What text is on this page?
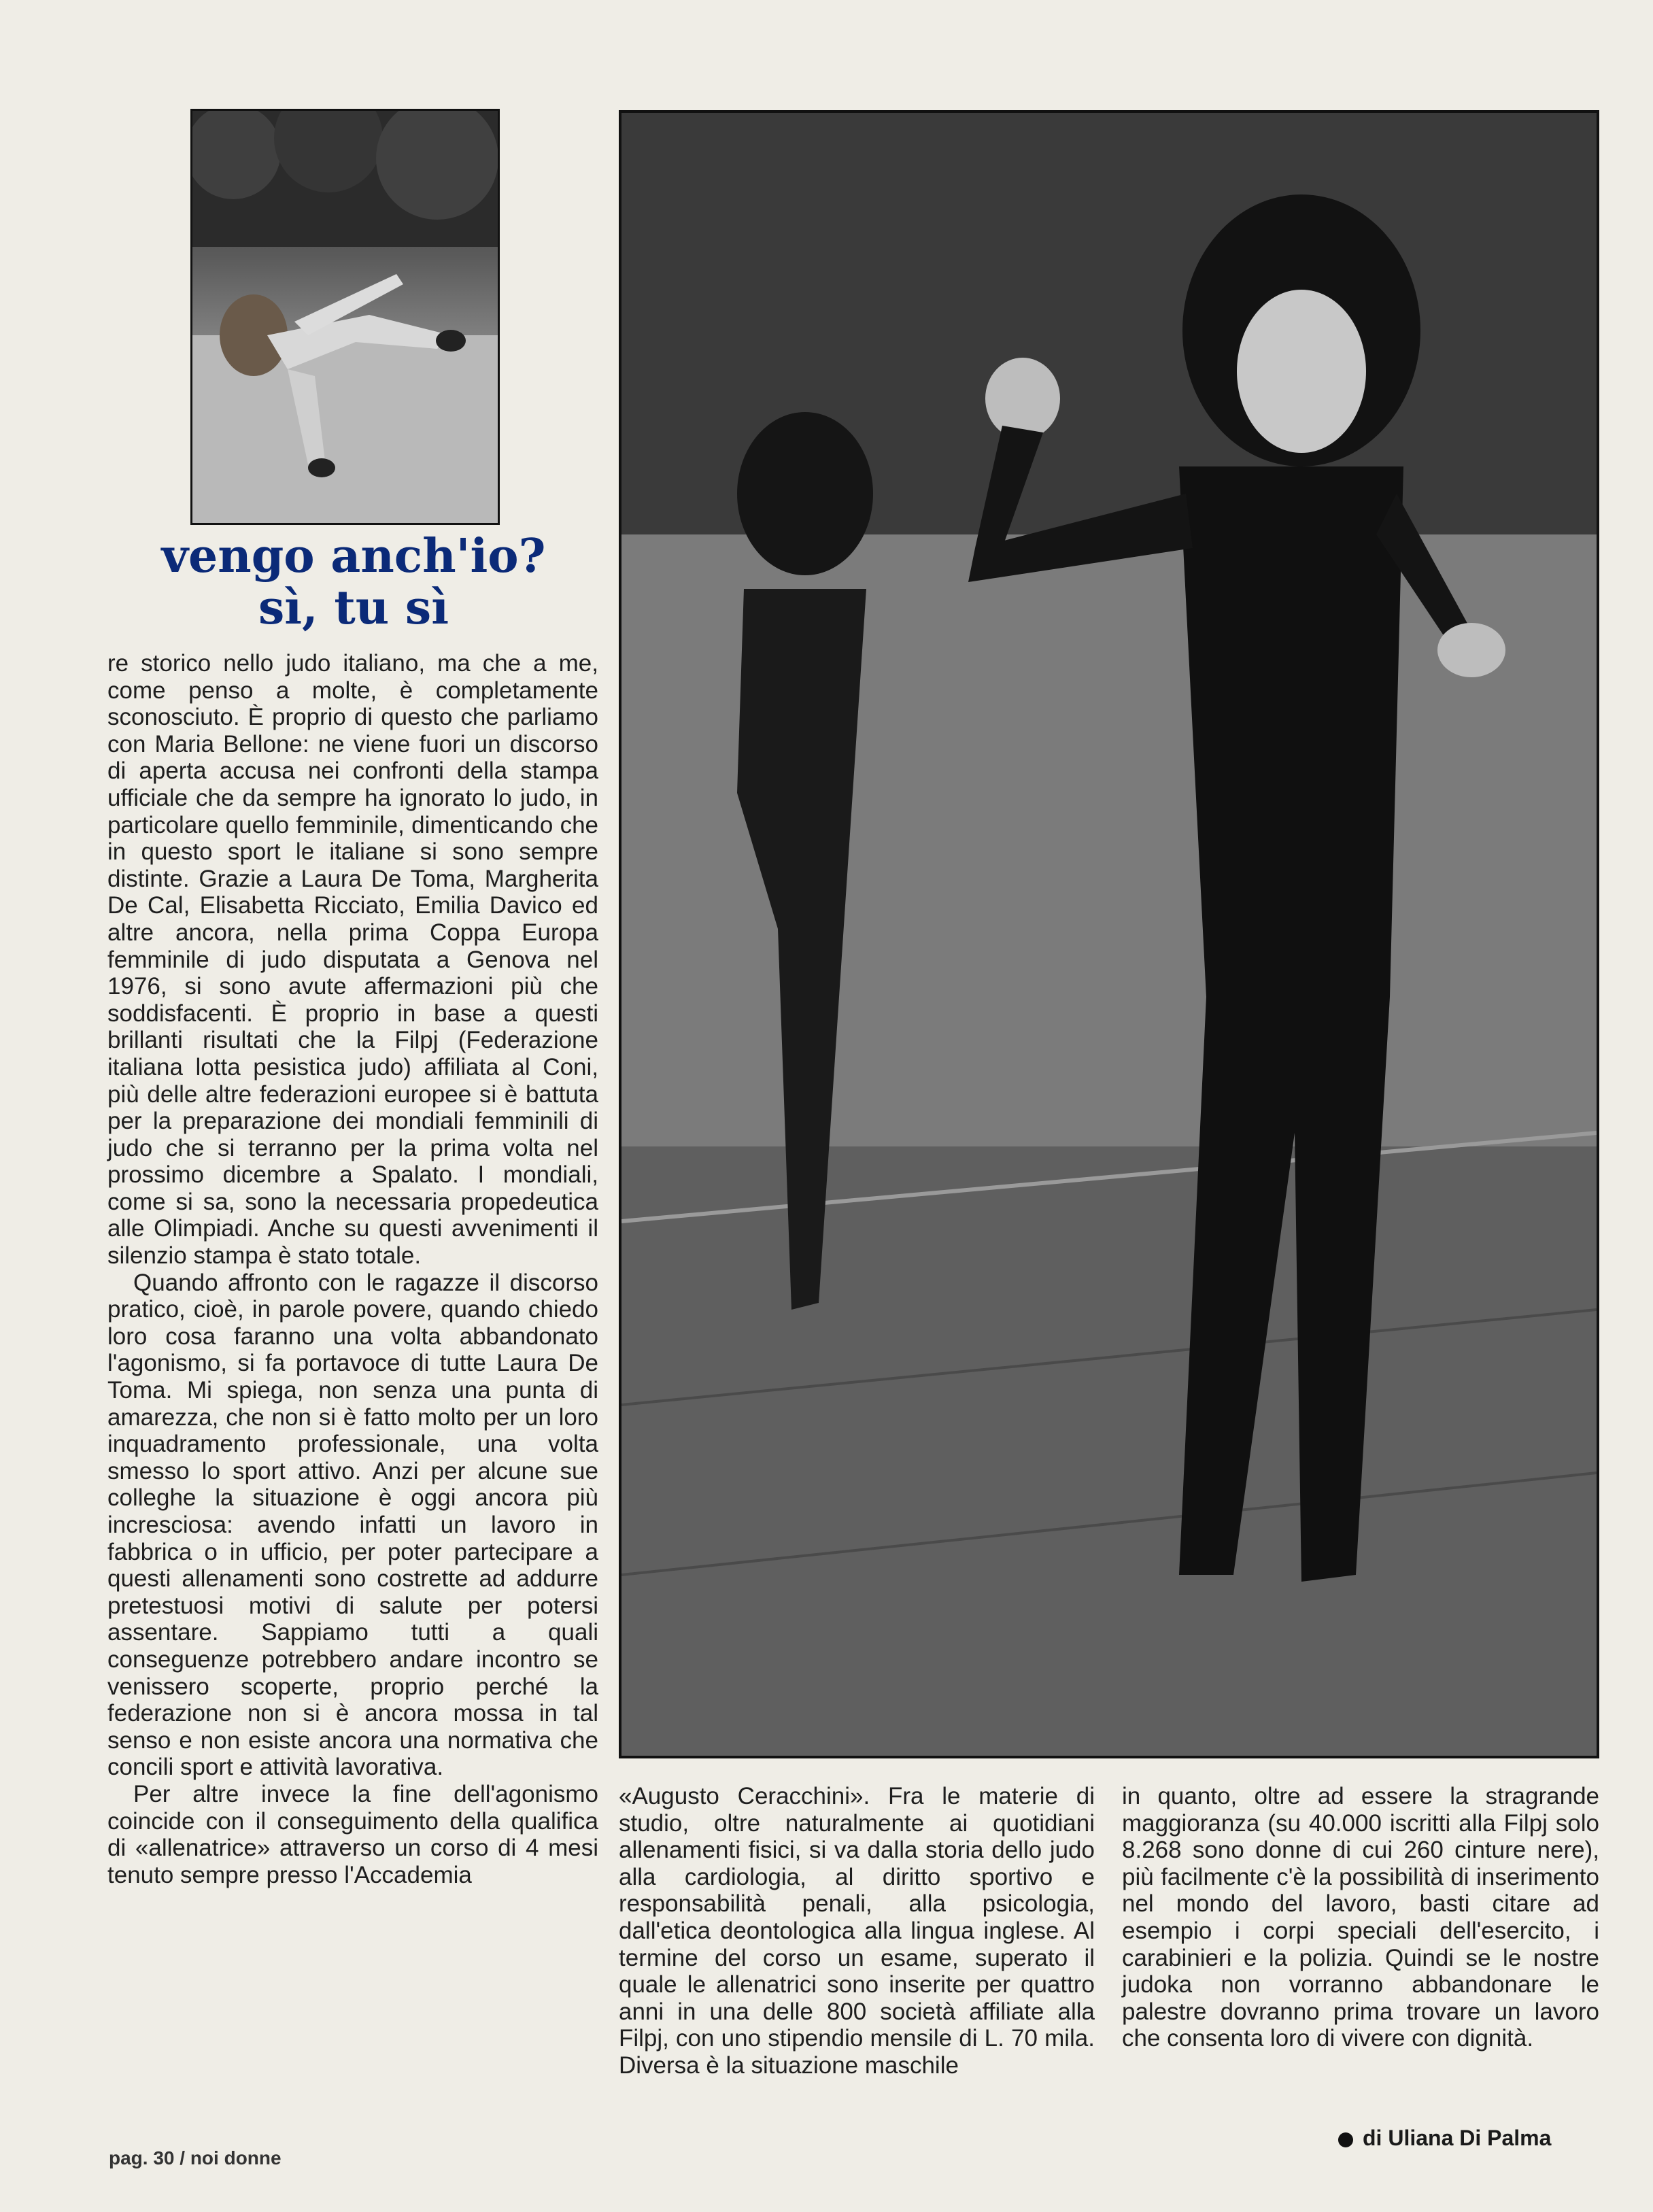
vengo anch'io?
sì, tu sì

re storico nello judo italiano, ma che a me, come penso a molte, è completamente sconosciuto. È proprio di questo che parliamo con Maria Bellone: ne viene fuori un discorso di aperta accusa nei confronti della stampa ufficiale che da sempre ha ignorato lo judo, in particolare quello femminile, dimenticando che in questo sport le italiane si sono sempre distinte. Grazie a Laura De Toma, Margherita De Cal, Elisabetta Ricciato, Emilia Davico ed altre ancora, nella prima Coppa Europa femminile di judo disputata a Genova nel 1976, si sono avute affermazioni più che soddisfacenti. È proprio in base a questi brillanti risultati che la Filpj (Federazione italiana lotta pesistica judo) affiliata al Coni, più delle altre federazioni europee si è battuta per la preparazione dei mondiali femminili di judo che si terranno per la prima volta nel prossimo dicembre a Spalato. I mondiali, come si sa, sono la necessaria propedeutica alle Olimpiadi. Anche su questi avvenimenti il silenzio stampa è stato totale.

Quando affronto con le ragazze il discorso pratico, cioè, in parole povere, quando chiedo loro cosa faranno una volta abbandonato l'agonismo, si fa portavoce di tutte Laura De Toma. Mi spiega, non senza una punta di amarezza, che non si è fatto molto per un loro inquadramento professionale, una volta smesso lo sport attivo. Anzi per alcune sue colleghe la situazione è oggi ancora più incresciosa: avendo infatti un lavoro in fabbrica o in ufficio, per poter partecipare a questi allenamenti sono costrette ad addurre pretestuosi motivi di salute per potersi assentare. Sappiamo tutti a quali conseguenze potrebbero andare incontro se venissero scoperte, proprio perché la federazione non si è ancora mossa in tal senso e non esiste ancora una normativa che concili sport e attività lavorativa.

Per altre invece la fine dell'agonismo coincide con il conseguimento della qualifica di «allenatrice» attraverso un corso di 4 mesi tenuto sempre presso l'Accademia

«Augusto Ceracchini». Fra le materie di studio, oltre naturalmente ai quotidiani allenamenti fisici, si va dalla storia dello judo alla cardiologia, al diritto sportivo e responsabilità penali, alla psicologia, dall'etica deontologica alla lingua inglese. Al termine del corso un esame, superato il quale le allenatrici sono inserite per quattro anni in una delle 800 società affiliate alla Filpj, con uno stipendio mensile di L. 70 mila. Diversa è la situazione maschile

in quanto, oltre ad essere la stragrande maggioranza (su 40.000 iscritti alla Filpj solo 8.268 sono donne di cui 260 cinture nere), più facilmente c'è la possibilità di inserimento nel mondo del lavoro, basti citare ad esempio i corpi speciali dell'esercito, i carabinieri e la polizia. Quindi se le nostre judoka non vorranno abbandonare le palestre dovranno prima trovare un lavoro che consenta loro di vivere con dignità.

di Uliana Di Palma
pag. 30 / noi donne
